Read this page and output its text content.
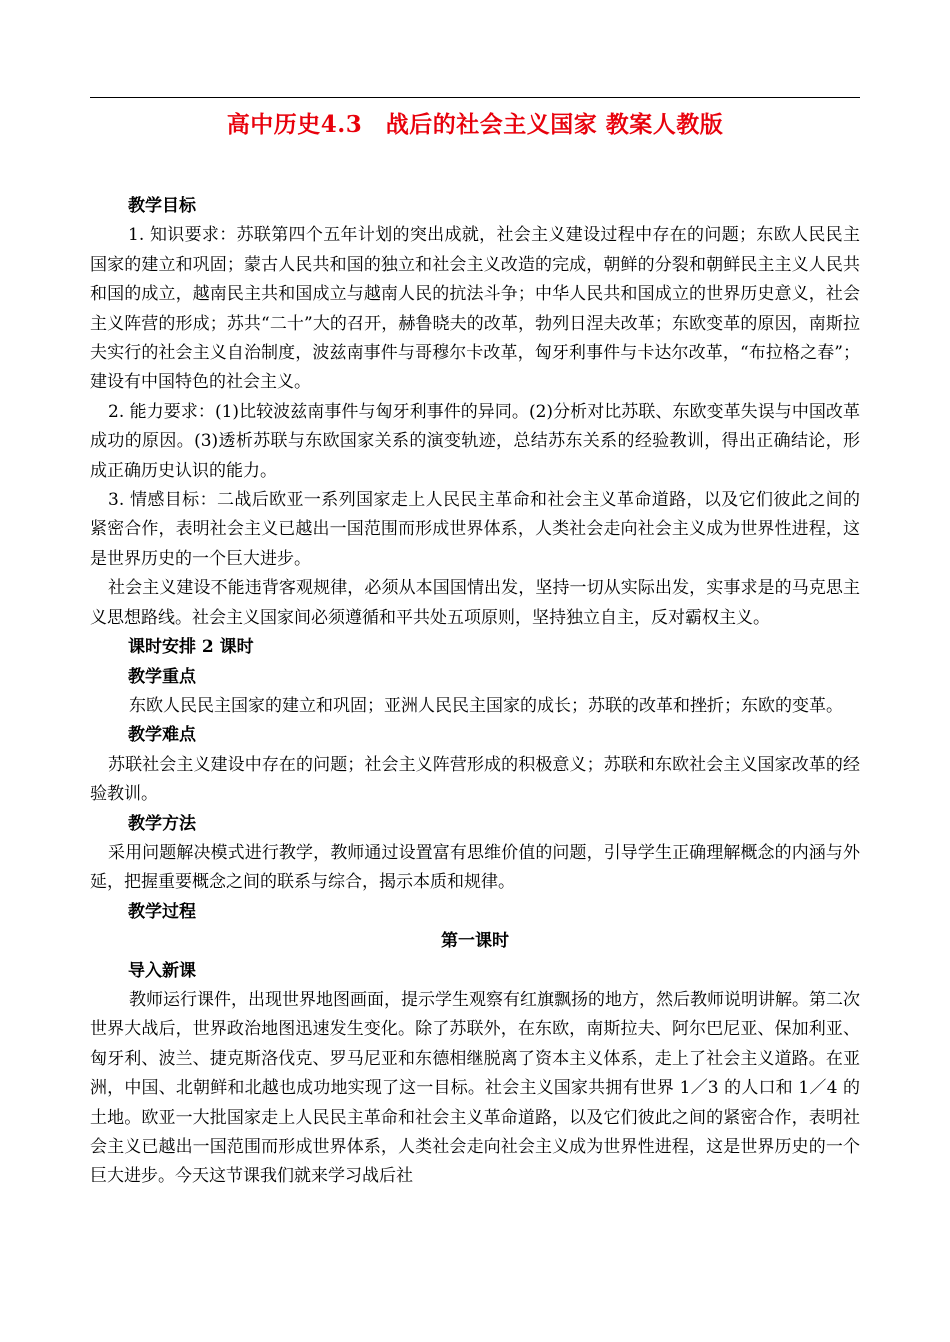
高中历史4.3　战后的社会主义国家 教案人教版

教学目标

1. 知识要求：苏联第四个五年计划的突出成就，社会主义建设过程中存在的问题；东欧人民民主国家的建立和巩固；蒙古人民共和国的独立和社会主义改造的完成，朝鲜的分裂和朝鲜民主主义人民共和国的成立，越南民主共和国成立与越南人民的抗法斗争；中华人民共和国成立的世界历史意义，社会主义阵营的形成；苏共“二十”大的召开，赫鲁晓夫的改革，勃列日涅夫改革；东欧变革的原因，南斯拉夫实行的社会主义自治制度，波兹南事件与哥穆尔卡改革，匈牙利事件与卡达尔改革，“布拉格之春”；建设有中国特色的社会主义。

2. 能力要求：(1)比较波兹南事件与匈牙利事件的异同。(2)分析对比苏联、东欧变革失误与中国改革成功的原因。(3)透析苏联与东欧国家关系的演变轨迹，总结苏东关系的经验教训，得出正确结论，形成正确历史认识的能力。

3. 情感目标：二战后欧亚一系列国家走上人民民主革命和社会主义革命道路，以及它们彼此之间的紧密合作，表明社会主义已越出一国范围而形成世界体系，人类社会走向社会主义成为世界性进程，这是世界历史的一个巨大进步。

社会主义建设不能违背客观规律，必须从本国国情出发，坚持一切从实际出发，实事求是的马克思主义思想路线。社会主义国家间必须遵循和平共处五项原则，坚持独立自主，反对霸权主义。

课时安排 2 课时

教学重点

东欧人民民主国家的建立和巩固；亚洲人民民主国家的成长；苏联的改革和挫折；东欧的变革。

教学难点

苏联社会主义建设中存在的问题；社会主义阵营形成的积极意义；苏联和东欧社会主义国家改革的经验教训。

教学方法

采用问题解决模式进行教学，教师通过设置富有思维价值的问题，引导学生正确理解概念的内涵与外延，把握重要概念之间的联系与综合，揭示本质和规律。

教学过程

第一课时

导入新课

教师运行课件，出现世界地图画面，提示学生观察有红旗飘扬的地方，然后教师说明讲解。第二次世界大战后，世界政治地图迅速发生变化。除了苏联外，在东欧，南斯拉夫、阿尔巴尼亚、保加利亚、匈牙利、波兰、捷克斯洛伐克、罗马尼亚和东德相继脱离了资本主义体系，走上了社会主义道路。在亚洲，中国、北朝鲜和北越也成功地实现了这一目标。社会主义国家共拥有世界 1／3 的人口和 1／4 的土地。欧亚一大批国家走上人民民主革命和社会主义革命道路，以及它们彼此之间的紧密合作，表明社会主义已越出一国范围而形成世界体系，人类社会走向社会主义成为世界性进程，这是世界历史的一个巨大进步。今天这节课我们就来学习战后社
